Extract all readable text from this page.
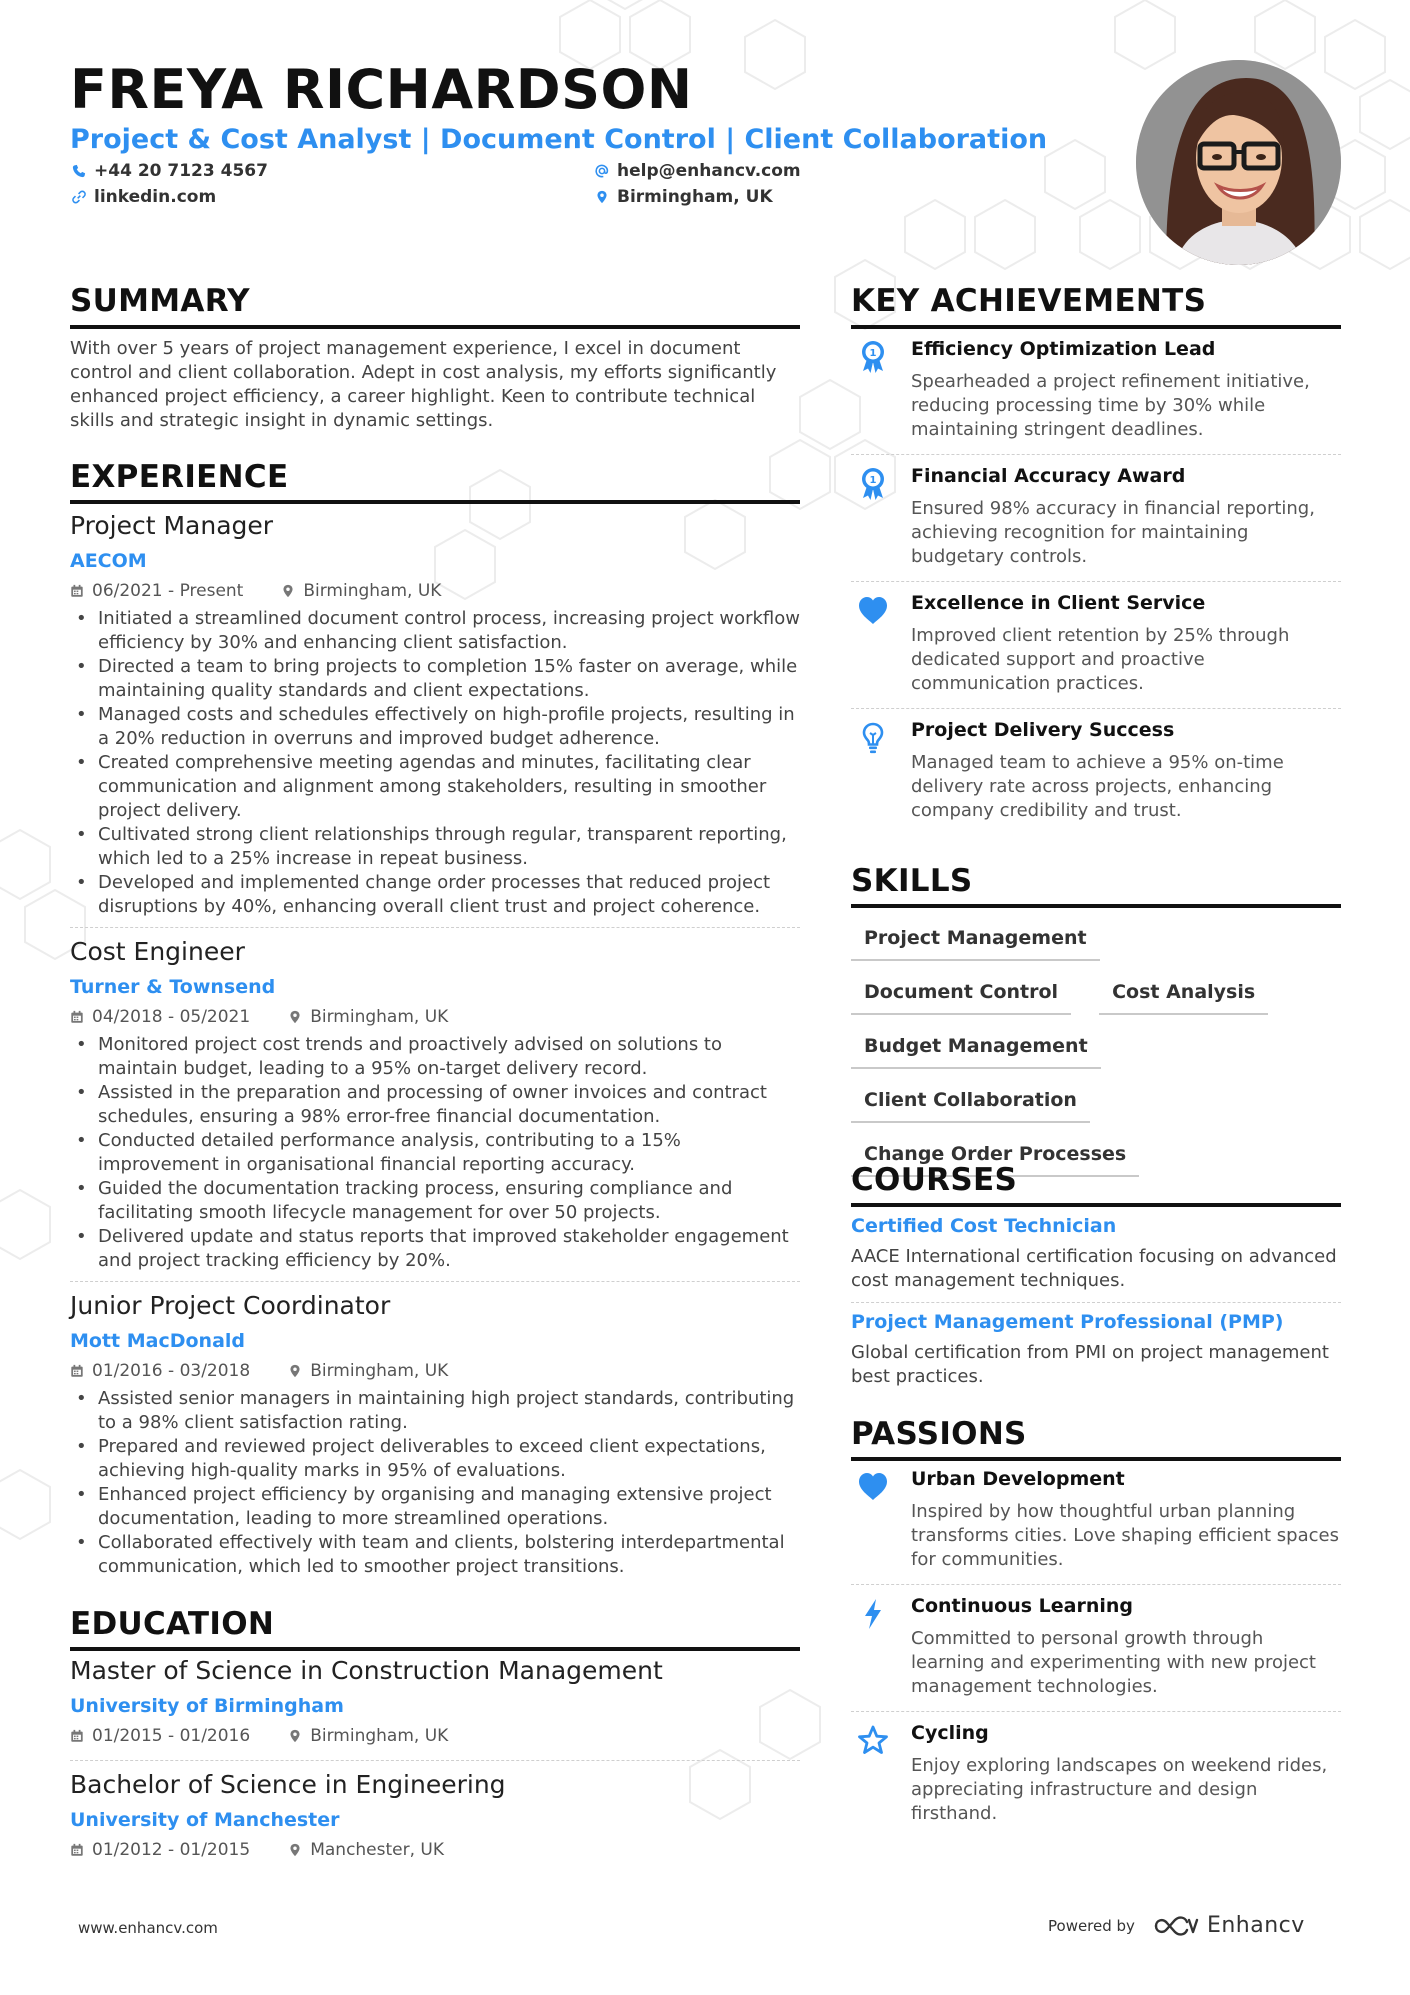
FREYA RICHARDSON
Project & Cost Analyst | Document Control | Client Collaboration
+44 20 7123 4567	help@enhancv.com
linkedin.com	Birmingham, UK
SUMMARY
With over 5 years of project management experience, I excel in document control and client collaboration. Adept in cost analysis, my efforts significantly enhanced project efficiency, a career highlight. Keen to contribute technical skills and strategic insight in dynamic settings.
EXPERIENCE
Project Manager
AECOM
06/2021 - Present	Birmingham, UK
• Initiated a streamlined document control process, increasing project workflow efficiency by 30% and enhancing client satisfaction.
• Directed a team to bring projects to completion 15% faster on average, while maintaining quality standards and client expectations.
• Managed costs and schedules effectively on high-profile projects, resulting in a 20% reduction in overruns and improved budget adherence.
• Created comprehensive meeting agendas and minutes, facilitating clear communication and alignment among stakeholders, resulting in smoother project delivery.
• Cultivated strong client relationships through regular, transparent reporting, which led to a 25% increase in repeat business.
• Developed and implemented change order processes that reduced project disruptions by 40%, enhancing overall client trust and project coherence.
Cost Engineer
Turner & Townsend
04/2018 - 05/2021	Birmingham, UK
• Monitored project cost trends and proactively advised on solutions to maintain budget, leading to a 95% on-target delivery record.
• Assisted in the preparation and processing of owner invoices and contract schedules, ensuring a 98% error-free financial documentation.
• Conducted detailed performance analysis, contributing to a 15% improvement in organisational financial reporting accuracy.
• Guided the documentation tracking process, ensuring compliance and facilitating smooth lifecycle management for over 50 projects.
• Delivered update and status reports that improved stakeholder engagement and project tracking efficiency by 20%.
Junior Project Coordinator
Mott MacDonald
01/2016 - 03/2018	Birmingham, UK
• Assisted senior managers in maintaining high project standards, contributing to a 98% client satisfaction rating.
• Prepared and reviewed project deliverables to exceed client expectations, achieving high-quality marks in 95% of evaluations.
• Enhanced project efficiency by organising and managing extensive project documentation, leading to more streamlined operations.
• Collaborated effectively with team and clients, bolstering interdepartmental communication, which led to smoother project transitions.
EDUCATION
Master of Science in Construction Management
University of Birmingham
01/2015 - 01/2016	Birmingham, UK
Bachelor of Science in Engineering
University of Manchester
01/2012 - 01/2015	Manchester, UK
KEY ACHIEVEMENTS
1 Efficiency Optimization Lead
Spearheaded a project refinement initiative, reducing processing time by 30% while maintaining stringent deadlines.
1 Financial Accuracy Award
Ensured 98% accuracy in financial reporting, achieving recognition for maintaining budgetary controls.
Excellence in Client Service
Improved client retention by 25% through dedicated support and proactive communication practices.
Project Delivery Success
Managed team to achieve a 95% on-time delivery rate across projects, enhancing company credibility and trust.
SKILLS
Project Management
Document Control	Cost Analysis
Budget Management
Client Collaboration
Change Order Processes
COURSES
Certified Cost Technician
AACE International certification focusing on advanced cost management techniques.
Project Management Professional (PMP)
Global certification from PMI on project management best practices.
PASSIONS
Urban Development
Inspired by how thoughtful urban planning transforms cities. Love shaping efficient spaces for communities.
Continuous Learning
Committed to personal growth through learning and experimenting with new project management technologies.
Cycling
Enjoy exploring landscapes on weekend rides, appreciating infrastructure and design firsthand.
www.enhancv.com	Powered by	Enhancv
